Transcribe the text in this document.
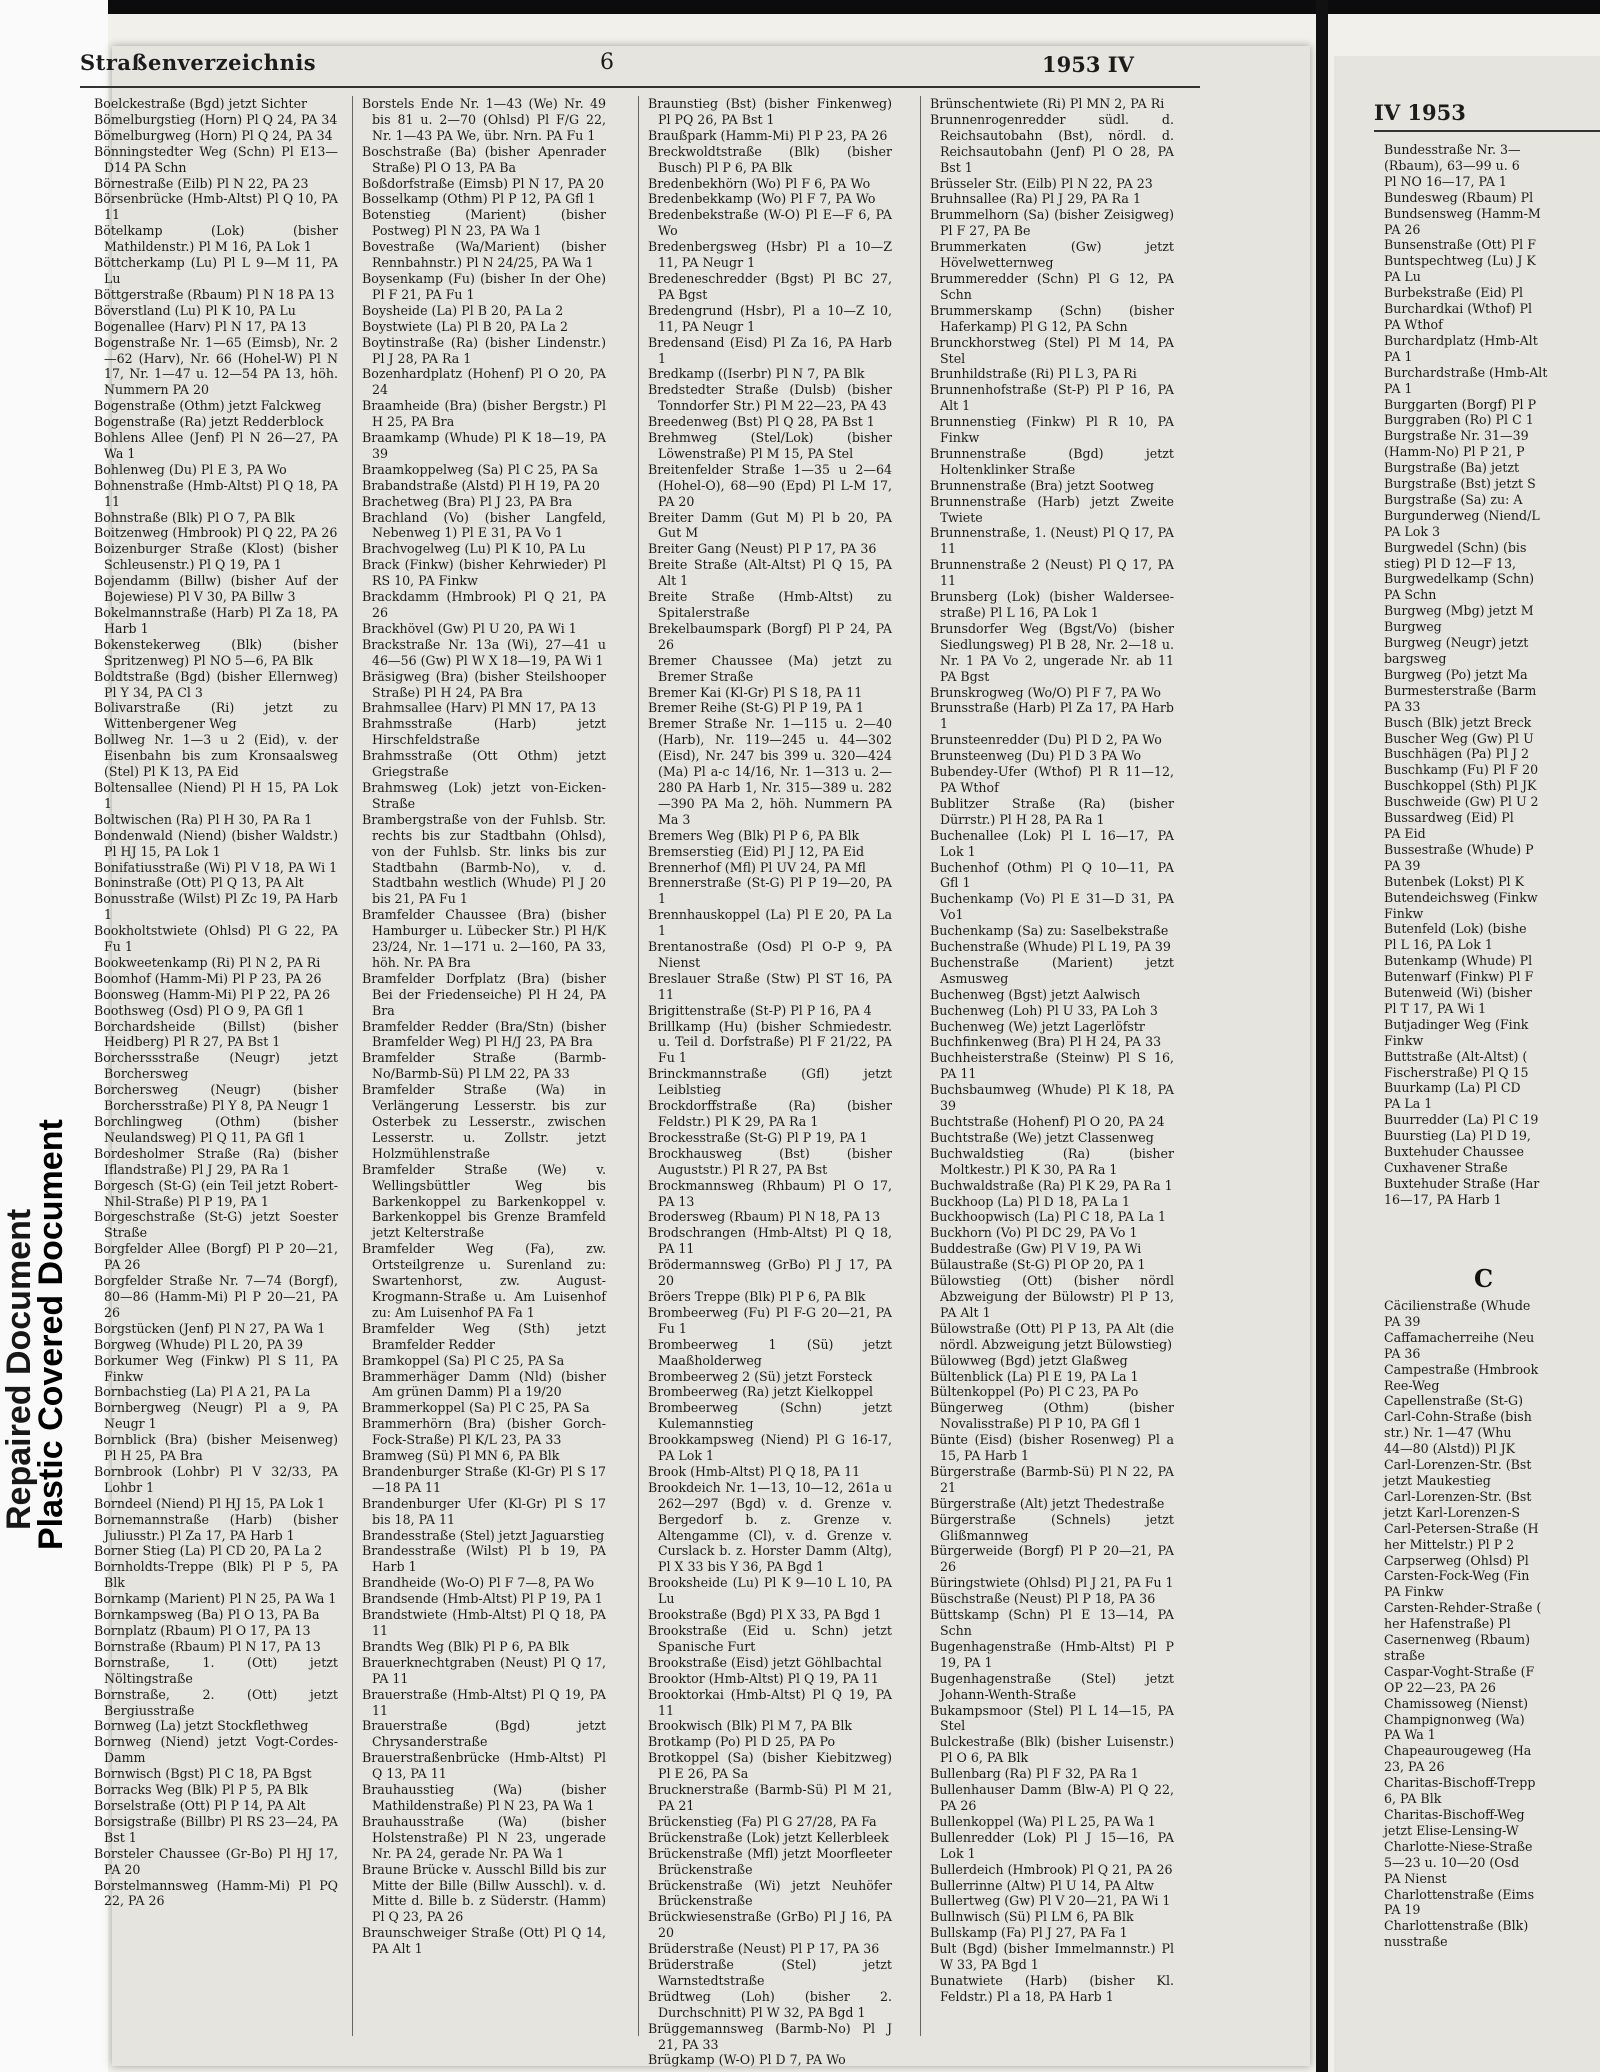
Repaired Document
Plastic Covered Document
Straßenverzeichnis	6	1953 IV

Boelckestraße (Bgd) jetzt Sichter

Bömelburgstieg (Horn) Pl Q 24, PA 34

Bömelburgweg (Horn) Pl Q 24, PA 34

Bönningstedter Weg (Schn) Pl E13—D14 PA Schn

Börnestraße (Eilb) Pl N 22, PA 23

Börsenbrücke (Hmb-Altst) Pl Q 10, PA 11

Bötelkamp (Lok) (bisher Mathildenstr.) Pl M 16, PA Lok 1

Böttcherkamp (Lu) Pl L 9—M 11, PA Lu

Böttgerstraße (Rbaum) Pl N 18 PA 13

Böverstland (Lu) Pl K 10, PA Lu

Bogenallee (Harv) Pl N 17, PA 13

Bogenstraße Nr. 1—65 (Eimsb), Nr. 2—62 (Harv), Nr. 66 (Hohel-W) Pl N 17, Nr. 1—47 u. 12—54 PA 13, höh. Nummern PA 20

Bogenstraße (Othm) jetzt Falckweg

Bogenstraße (Ra) jetzt Redderblock

Bohlens Allee (Jenf) Pl N 26—27, PA Wa 1

Bohlenweg (Du) Pl E 3, PA Wo

Bohnenstraße (Hmb-Altst) Pl Q 18, PA 11

Bohnstraße (Blk) Pl O 7, PA Blk

Boitzenweg (Hmbrook) Pl Q 22, PA 26

Boizenburger Straße (Klost) (bisher Schleusenstr.) Pl Q 19, PA 1

Bojendamm (Billw) (bisher Auf der Bojewiese) Pl V 30, PA Billw 3

Bokelmannstraße (Harb) Pl Za 18, PA Harb 1

Bokenstekerweg (Blk) (bisher Spritzenweg) Pl NO 5—6, PA Blk

Boldtstraße (Bgd) (bisher Ellernweg) Pl Y 34, PA Cl 3

Bolivarstraße (Ri) jetzt zu Wittenbergener Weg

Bollweg Nr. 1—3 u 2 (Eid), v. der Eisenbahn bis zum Kronsaalsweg (Stel) Pl K 13, PA Eid

Boltensallee (Niend) Pl H 15, PA Lok 1

Boltwischen (Ra) Pl H 30, PA Ra 1

Bondenwald (Niend) (bisher Waldstr.) Pl HJ 15, PA Lok 1

Bonifatiusstraße (Wi) Pl V 18, PA Wi 1

Boninstraße (Ott) Pl Q 13, PA Alt

Bonusstraße (Wilst) Pl Zc 19, PA Harb 1

Bookholtstwiete (Ohlsd) Pl G 22, PA Fu 1

Bookweetenkamp (Ri) Pl N 2, PA Ri

Boomhof (Hamm-Mi) Pl P 23, PA 26

Boonsweg (Hamm-Mi) Pl P 22, PA 26

Boothsweg (Osd) Pl O 9, PA Gfl 1

Borchardsheide (Billst) (bisher Heidberg) Pl R 27, PA Bst 1

Borcherssstraße (Neugr) jetzt Borchersweg

Borchersweg (Neugr) (bisher Borchersstraße) Pl Y 8, PA Neugr 1

Borchlingweg (Othm) (bisher Neulandsweg) Pl Q 11, PA Gfl 1

Bordesholmer Straße (Ra) (bisher Iflandstraße) Pl J 29, PA Ra 1

Borgesch (St-G) (ein Teil jetzt Robert-Nhil-Straße) Pl P 19, PA 1

Borgeschstraße (St-G) jetzt Soester Straße

Borgfelder Allee (Borgf) Pl P 20—21, PA 26

Borgfelder Straße Nr. 7—74 (Borgf), 80—86 (Hamm-Mi) Pl P 20—21, PA 26

Borgstücken (Jenf) Pl N 27, PA Wa 1

Borgweg (Whude) Pl L 20, PA 39

Borkumer Weg (Finkw) Pl S 11, PA Finkw

Bornbachstieg (La) Pl A 21, PA La

Bornbergweg (Neugr) Pl a 9, PA Neugr 1

Bornblick (Bra) (bisher Meisenweg) Pl H 25, PA Bra

Bornbrook (Lohbr) Pl V 32/33, PA Lohbr 1

Borndeel (Niend) Pl HJ 15, PA Lok 1

Bornemannstraße (Harb) (bisher Juliusstr.) Pl Za 17, PA Harb 1

Borner Stieg (La) Pl CD 20, PA La 2

Bornholdts-Treppe (Blk) Pl P 5, PA Blk

Bornkamp (Marient) Pl N 25, PA Wa 1

Bornkampsweg (Ba) Pl O 13, PA Ba

Bornplatz (Rbaum) Pl O 17, PA 13

Bornstraße (Rbaum) Pl N 17, PA 13

Bornstraße, 1. (Ott) jetzt Nöltingstraße

Bornstraße, 2. (Ott) jetzt Bergiusstraße

Bornweg (La) jetzt Stockflethweg

Bornweg (Niend) jetzt Vogt-Cordes-Damm

Bornwisch (Bgst) Pl C 18, PA Bgst

Borracks Weg (Blk) Pl P 5, PA Blk

Borselstraße (Ott) Pl P 14, PA Alt

Borsigstraße (Billbr) Pl RS 23—24, PA Bst 1

Borsteler Chaussee (Gr-Bo) Pl HJ 17, PA 20

Borstelmannsweg (Hamm-Mi) Pl PQ 22, PA 26

Borstels Ende Nr. 1—43 (We) Nr. 49 bis 81 u. 2—70 (Ohlsd) Pl F/G 22, Nr. 1—43 PA We, übr. Nrn. PA Fu 1

Boschstraße (Ba) (bisher Apenrader Straße) Pl O 13, PA Ba

Boßdorfstraße (Eimsb) Pl N 17, PA 20

Bosselkamp (Othm) Pl P 12, PA Gfl 1

Botenstieg (Marient) (bisher Postweg) Pl N 23, PA Wa 1

Bovestraße (Wa/Marient) (bisher Rennbahnstr.) Pl N 24/25, PA Wa 1

Boysenkamp (Fu) (bisher In der Ohe) Pl F 21, PA Fu 1

Boysheide (La) Pl B 20, PA La 2

Boystwiete (La) Pl B 20, PA La 2

Boytinstraße (Ra) (bisher Lindenstr.) Pl J 28, PA Ra 1

Bozenhardplatz (Hohenf) Pl O 20, PA 24

Braamheide (Bra) (bisher Bergstr.) Pl H 25, PA Bra

Braamkamp (Whude) Pl K 18—19, PA 39

Braamkoppelweg (Sa) Pl C 25, PA Sa

Brabandstraße (Alstd) Pl H 19, PA 20

Brachetweg (Bra) Pl J 23, PA Bra

Brachland (Vo) (bisher Langfeld, Nebenweg 1) Pl E 31, PA Vo 1

Brachvogelweg (Lu) Pl K 10, PA Lu

Brack (Finkw) (bisher Kehrwieder) Pl RS 10, PA Finkw

Brackdamm (Hmbrook) Pl Q 21, PA 26

Brackhövel (Gw) Pl U 20, PA Wi 1

Brackstraße Nr. 13a (Wi), 27—41 u 46—56 (Gw) Pl W X 18—19, PA Wi 1

Bräsigweg (Bra) (bisher Steilshooper Straße) Pl H 24, PA Bra

Brahmsallee (Harv) Pl MN 17, PA 13

Brahmsstraße (Harb) jetzt Hirschfeldstraße

Brahmsstraße (Ott Othm) jetzt Griegstraße

Brahmsweg (Lok) jetzt von-Eicken-Straße

Brambergstraße von der Fuhlsb. Str. rechts bis zur Stadtbahn (Ohlsd), von der Fuhlsb. Str. links bis zur Stadtbahn (Barmb-No), v. d. Stadtbahn westlich (Whude) Pl J 20 bis 21, PA Fu 1

Bramfelder Chaussee (Bra) (bisher Hamburger u. Lübecker Str.) Pl H/K 23/24, Nr. 1—171 u. 2—160, PA 33, höh. Nr. PA Bra

Bramfelder Dorfplatz (Bra) (bisher Bei der Friedenseiche) Pl H 24, PA Bra

Bramfelder Redder (Bra/Stn) (bisher Bramfelder Weg) Pl H/J 23, PA Bra

Bramfelder Straße (Barmb-No/Barmb-Sü) Pl LM 22, PA 33

Bramfelder Straße (Wa) in Verlängerung Lesserstr. bis zur Osterbek zu Lesserstr., zwischen Lesserstr. u. Zollstr. jetzt Holzmühlenstraße

Bramfelder Straße (We) v. Wellingsbüttler Weg bis Barkenkoppel zu Barkenkoppel v. Barkenkoppel bis Grenze Bramfeld jetzt Kelterstraße

Bramfelder Weg (Fa), zw. Ortsteilgrenze u. Surenland zu: Swartenhorst, zw. August-Krogmann-Straße u. Am Luisenhof zu: Am Luisenhof PA Fa 1

Bramfelder Weg (Sth) jetzt Bramfelder Redder

Bramkoppel (Sa) Pl C 25, PA Sa

Brammerhäger Damm (Nld) (bisher Am grünen Damm) Pl a 19/20

Brammerkoppel (Sa) Pl C 25, PA Sa

Brammerhörn (Bra) (bisher Gorch-Fock-Straße) Pl K/L 23, PA 33

Bramweg (Sü) Pl MN 6, PA Blk

Brandenburger Straße (Kl-Gr) Pl S 17—18 PA 11

Brandenburger Ufer (Kl-Gr) Pl S 17 bis 18, PA 11

Brandesstraße (Stel) jetzt Jaguarstieg

Brandesstraße (Wilst) Pl b 19, PA Harb 1

Brandheide (Wo-O) Pl F 7—8, PA Wo

Brandsende (Hmb-Altst) Pl P 19, PA 1

Brandstwiete (Hmb-Altst) Pl Q 18, PA 11

Brandts Weg (Blk) Pl P 6, PA Blk

Brauerknechtgraben (Neust) Pl Q 17, PA 11

Brauerstraße (Hmb-Altst) Pl Q 19, PA 11

Brauerstraße (Bgd) jetzt Chrysanderstraße

Brauerstraßenbrücke (Hmb-Altst) Pl Q 13, PA 11

Brauhausstieg (Wa) (bisher Mathildenstraße) Pl N 23, PA Wa 1

Brauhausstraße (Wa) (bisher Holstenstraße) Pl N 23, ungerade Nr. PA 24, gerade Nr. PA Wa 1

Braune Brücke v. Ausschl Billd bis zur Mitte der Bille (Billw Ausschl). v. d. Mitte d. Bille b. z Süderstr. (Hamm) Pl Q 23, PA 26

Braunschweiger Straße (Ott) Pl Q 14, PA Alt 1

Braunstieg (Bst) (bisher Finkenweg) Pl PQ 26, PA Bst 1

Braußpark (Hamm-Mi) Pl P 23, PA 26

Breckwoldtstraße (Blk) (bisher Busch) Pl P 6, PA Blk

Bredenbekhörn (Wo) Pl F 6, PA Wo

Bredenbekkamp (Wo) Pl F 7, PA Wo

Bredenbekstraße (W-O) Pl E—F 6, PA Wo

Bredenbergsweg (Hsbr) Pl a 10—Z 11, PA Neugr 1

Bredeneschredder (Bgst) Pl BC 27, PA Bgst

Bredengrund (Hsbr), Pl a 10—Z 10, 11, PA Neugr 1

Bredensand (Eisd) Pl Za 16, PA Harb 1

Bredkamp ((Iserbr) Pl N 7, PA Blk

Bredstedter Straße (Dulsb) (bisher Tonndorfer Str.) Pl M 22—23, PA 43

Breedenweg (Bst) Pl Q 28, PA Bst 1

Brehmweg (Stel/Lok) (bisher Löwenstraße) Pl M 15, PA Stel

Breitenfelder Straße 1—35 u 2—64 (Hohel-O), 68—90 (Epd) Pl L-M 17, PA 20

Breiter Damm (Gut M) Pl b 20, PA Gut M

Breiter Gang (Neust) Pl P 17, PA 36

Breite Straße (Alt-Altst) Pl Q 15, PA Alt 1

Breite Straße (Hmb-Altst) zu Spitalerstraße

Brekelbaumspark (Borgf) Pl P 24, PA 26

Bremer Chaussee (Ma) jetzt zu Bremer Straße

Bremer Kai (Kl-Gr) Pl S 18, PA 11

Bremer Reihe (St-G) Pl P 19, PA 1

Bremer Straße Nr. 1—115 u. 2—40 (Harb), Nr. 119—245 u. 44—302 (Eisd), Nr. 247 bis 399 u. 320—424 (Ma) Pl a-c 14/16, Nr. 1—313 u. 2—280 PA Harb 1, Nr. 315—389 u. 282—390 PA Ma 2, höh. Nummern PA Ma 3

Bremers Weg (Blk) Pl P 6, PA Blk

Bremserstieg (Eid) Pl J 12, PA Eid

Brennerhof (Mfl) Pl UV 24, PA Mfl

Brennerstraße (St-G) Pl P 19—20, PA 1

Brennhauskoppel (La) Pl E 20, PA La 1

Brentanostraße (Osd) Pl O-P 9, PA Nienst

Breslauer Straße (Stw) Pl ST 16, PA 11

Brigittenstraße (St-P) Pl P 16, PA 4

Brillkamp (Hu) (bisher Schmiedestr. u. Teil d. Dorfstraße) Pl F 21/22, PA Fu 1

Brinckmannstraße (Gfl) jetzt Leiblstieg

Brockdorffstraße (Ra) (bisher Feldstr.) Pl K 29, PA Ra 1

Brockesstraße (St-G) Pl P 19, PA 1

Brockhausweg (Bst) (bisher Auguststr.) Pl R 27, PA Bst

Brockmannsweg (Rhbaum) Pl O 17, PA 13

Brodersweg (Rbaum) Pl N 18, PA 13

Brodschrangen (Hmb-Altst) Pl Q 18, PA 11

Brödermannsweg (GrBo) Pl J 17, PA 20

Bröers Treppe (Blk) Pl P 6, PA Blk

Brombeerweg (Fu) Pl F-G 20—21, PA Fu 1

Brombeerweg 1 (Sü) jetzt Maaßholderweg

Brombeerweg 2 (Sü) jetzt Forsteck

Brombeerweg (Ra) jetzt Kielkoppel

Brombeerweg (Schn) jetzt Kulemannstieg

Brookkampsweg (Niend) Pl G 16-17, PA Lok 1

Brook (Hmb-Altst) Pl Q 18, PA 11

Brookdeich Nr. 1—13, 10—12, 261a u 262—297 (Bgd) v. d. Grenze v. Bergedorf b. z. Grenze v. Altengamme (Cl), v. d. Grenze v. Curslack b. z. Horster Damm (Altg), Pl X 33 bis Y 36, PA Bgd 1

Brooksheide (Lu) Pl K 9—10 L 10, PA Lu

Brookstraße (Bgd) Pl X 33, PA Bgd 1

Brookstraße (Eid u. Schn) jetzt Spanische Furt

Brookstraße (Eisd) jetzt Göhlbachtal

Brooktor (Hmb-Altst) Pl Q 19, PA 11

Brooktorkai (Hmb-Altst) Pl Q 19, PA 11

Brookwisch (Blk) Pl M 7, PA Blk

Brotkamp (Po) Pl D 25, PA Po

Brotkoppel (Sa) (bisher Kiebitzweg) Pl E 26, PA Sa

Brucknerstraße (Barmb-Sü) Pl M 21, PA 21

Brückenstieg (Fa) Pl G 27/28, PA Fa

Brückenstraße (Lok) jetzt Kellerbleek

Brückenstraße (Mfl) jetzt Moorfleeter Brückenstraße

Brückenstraße (Wi) jetzt Neuhöfer Brückenstraße

Brückwiesenstraße (GrBo) Pl J 16, PA 20

Brüderstraße (Neust) Pl P 17, PA 36

Brüderstraße (Stel) jetzt Warnstedtstraße

Brüdtweg (Loh) (bisher 2. Durchschnitt) Pl W 32, PA Bgd 1

Brüggemannsweg (Barmb-No) Pl J 21, PA 33

Brügkamp (W-O) Pl D 7, PA Wo

Brünschentwiete (Ri) Pl MN 2, PA Ri

Brunnenrogenredder südl. d. Reichsautobahn (Bst), nördl. d. Reichsautobahn (Jenf) Pl O 28, PA Bst 1

Brüsseler Str. (Eilb) Pl N 22, PA 23

Bruhnsallee (Ra) Pl J 29, PA Ra 1

Brummelhorn (Sa) (bisher Zeisigweg) Pl F 27, PA Be

Brummerkaten (Gw) jetzt Hövelwetternweg

Brummeredder (Schn) Pl G 12, PA Schn

Brummerskamp (Schn) (bisher Haferkamp) Pl G 12, PA Schn

Brunckhorstweg (Stel) Pl M 14, PA Stel

Brunhildstraße (Ri) Pl L 3, PA Ri

Brunnenhofstraße (St-P) Pl P 16, PA Alt 1

Brunnenstieg (Finkw) Pl R 10, PA Finkw

Brunnenstraße (Bgd) jetzt Holtenklinker Straße

Brunnenstraße (Bra) jetzt Sootweg

Brunnenstraße (Harb) jetzt Zweite Twiete

Brunnenstraße, 1. (Neust) Pl Q 17, PA 11

Brunnenstraße 2 (Neust) Pl Q 17, PA 11

Brunsberg (Lok) (bisher Waldersee-straße) Pl L 16, PA Lok 1

Brunsdorfer Weg (Bgst/Vo) (bisher Siedlungsweg) Pl B 28, Nr. 2—18 u. Nr. 1 PA Vo 2, ungerade Nr. ab 11 PA Bgst

Brunskrogweg (Wo/O) Pl F 7, PA Wo

Brunsstraße (Harb) Pl Za 17, PA Harb 1

Brunsteenredder (Du) Pl D 2, PA Wo

Brunsteenweg (Du) Pl D 3 PA Wo

Bubendey-Ufer (Wthof) Pl R 11—12, PA Wthof

Bublitzer Straße (Ra) (bisher Dürrstr.) Pl H 28, PA Ra 1

Buchenallee (Lok) Pl L 16—17, PA Lok 1

Buchenhof (Othm) Pl Q 10—11, PA Gfl 1

Buchenkamp (Vo) Pl E 31—D 31, PA Vo1

Buchenkamp (Sa) zu: Saselbekstraße

Buchenstraße (Whude) Pl L 19, PA 39

Buchenstraße (Marient) jetzt Asmusweg

Buchenweg (Bgst) jetzt Aalwisch

Buchenweg (Loh) Pl U 33, PA Loh 3

Buchenweg (We) jetzt Lagerlöfstr

Buchfinkenweg (Bra) Pl H 24, PA 33

Buchheisterstraße (Steinw) Pl S 16, PA 11

Buchsbaumweg (Whude) Pl K 18, PA 39

Buchtstraße (Hohenf) Pl O 20, PA 24

Buchtstraße (We) jetzt Classenweg

Buchwaldstieg (Ra) (bisher Moltkestr.) Pl K 30, PA Ra 1

Buchwaldstraße (Ra) Pl K 29, PA Ra 1

Buckhoop (La) Pl D 18, PA La 1

Buckhoopwisch (La) Pl C 18, PA La 1

Buckhorn (Vo) Pl DC 29, PA Vo 1

Buddestraße (Gw) Pl V 19, PA Wi

Bülaustraße (St-G) Pl OP 20, PA 1

Bülowstieg (Ott) (bisher nördl Abzweigung der Bülowstr) Pl P 13, PA Alt 1

Bülowstraße (Ott) Pl P 13, PA Alt (die nördl. Abzweigung jetzt Bülowstieg)

Bülowweg (Bgd) jetzt Glaßweg

Bültenblick (La) Pl E 19, PA La 1

Bültenkoppel (Po) Pl C 23, PA Po

Büngerweg (Othm) (bisher Novalisstraße) Pl P 10, PA Gfl 1

Bünte (Eisd) (bisher Rosenweg) Pl a 15, PA Harb 1

Bürgerstraße (Barmb-Sü) Pl N 22, PA 21

Bürgerstraße (Alt) jetzt Thedestraße

Bürgerstraße (Schnels) jetzt Glißmannweg

Bürgerweide (Borgf) Pl P 20—21, PA 26

Büringstwiete (Ohlsd) Pl J 21, PA Fu 1

Büschstraße (Neust) Pl P 18, PA 36

Büttskamp (Schn) Pl E 13—14, PA Schn

Bugenhagenstraße (Hmb-Altst) Pl P 19, PA 1

Bugenhagenstraße (Stel) jetzt Johann-Wenth-Straße

Bukampsmoor (Stel) Pl L 14—15, PA Stel

Bulckestraße (Blk) (bisher Luisenstr.) Pl O 6, PA Blk

Bullenbarg (Ra) Pl F 32, PA Ra 1

Bullenhauser Damm (Blw-A) Pl Q 22, PA 26

Bullenkoppel (Wa) Pl L 25, PA Wa 1

Bullenredder (Lok) Pl J 15—16, PA Lok 1

Bullerdeich (Hmbrook) Pl Q 21, PA 26

Bullerrinne (Altw) Pl U 14, PA Altw

Bullertweg (Gw) Pl V 20—21, PA Wi 1

Bullnwisch (Sü) Pl LM 6, PA Blk

Bullskamp (Fa) Pl J 27, PA Fa 1

Bult (Bgd) (bisher Immelmannstr.) Pl W 33, PA Bgd 1

Bunatwiete (Harb) (bisher Kl. Feldstr.) Pl a 18, PA Harb 1

IV 1953

Bundesstraße Nr. 3—

(Rbaum), 63—99 u. 6

Pl NO 16—17, PA 1

Bundesweg (Rbaum) Pl

Bundsensweg (Hamm-M

PA 26

Bunsenstraße (Ott) Pl F

Buntspechtweg (Lu) J K

PA Lu

Burbekstraße (Eid) Pl

Burchardkai (Wthof) Pl

PA Wthof

Burchardplatz (Hmb-Alt

PA 1

Burchardstraße (Hmb-Alt

PA 1

Burggarten (Borgf) Pl P

Burggraben (Ro) Pl C 1

Burgstraße Nr. 31—39

(Hamm-No) Pl P 21, P

Burgstraße (Ba) jetzt

Burgstraße (Bst) jetzt S

Burgstraße (Sa) zu: A

Burgunderweg (Niend/L

PA Lok 3

Burgwedel (Schn) (bis

stieg) Pl D 12—F 13,

Burgwedelkamp (Schn)

PA Schn

Burgweg (Mbg) jetzt M

Burgweg

Burgweg (Neugr) jetzt

bargsweg

Burgweg (Po) jetzt Ma

Burmesterstraße (Barm

PA 33

Busch (Blk) jetzt Breck

Buscher Weg (Gw) Pl U

Buschhägen (Pa) Pl J 2

Buschkamp (Fu) Pl F 20

Buschkoppel (Sth) Pl JK

Buschweide (Gw) Pl U 2

Bussardweg (Eid) Pl

PA Eid

Bussestraße (Whude) P

PA 39

Butenbek (Lokst) Pl K

Butendeichsweg (Finkw

Finkw

Butenfeld (Lok) (bishe

Pl L 16, PA Lok 1

Butenkamp (Whude) Pl

Butenwarf (Finkw) Pl F

Butenweid (Wi) (bisher

Pl T 17, PA Wi 1

Butjadinger Weg (Fink

Finkw

Buttstraße (Alt-Altst) (

Fischerstraße) Pl Q 15

Buurkamp (La) Pl CD

PA La 1

Buurredder (La) Pl C 19

Buurstieg (La) Pl D 19,

Buxtehuder Chaussee

Cuxhavener Straße

Buxtehuder Straße (Har

16—17, PA Harb 1

C

Cäcilienstraße (Whude

PA 39

Caffamacherreihe (Neu

PA 36

Campestraße (Hmbrook

Ree-Weg

Capellenstraße (St-G)

Carl-Cohn-Straße (bish

str.) Nr. 1—47 (Whu

44—80 (Alstd)) Pl JK

Carl-Lorenzen-Str. (Bst

jetzt Maukestieg

Carl-Lorenzen-Str. (Bst

jetzt Karl-Lorenzen-S

Carl-Petersen-Straße (H

her Mittelstr.) Pl P 2

Carpserweg (Ohlsd) Pl

Carsten-Fock-Weg (Fin

PA Finkw

Carsten-Rehder-Straße (

her Hafenstraße) Pl

Casernenweg (Rbaum)

straße

Caspar-Voght-Straße (F

OP 22—23, PA 26

Chamissoweg (Nienst)

Champignonweg (Wa)

PA Wa 1

Chapeaurougeweg (Ha

23, PA 26

Charitas-Bischoff-Trepp

6, PA Blk

Charitas-Bischoff-Weg

jetzt Elise-Lensing-W

Charlotte-Niese-Straße

5—23 u. 10—20 (Osd

PA Nienst

Charlottenstraße (Eims

PA 19

Charlottenstraße (Blk)

nusstraße
